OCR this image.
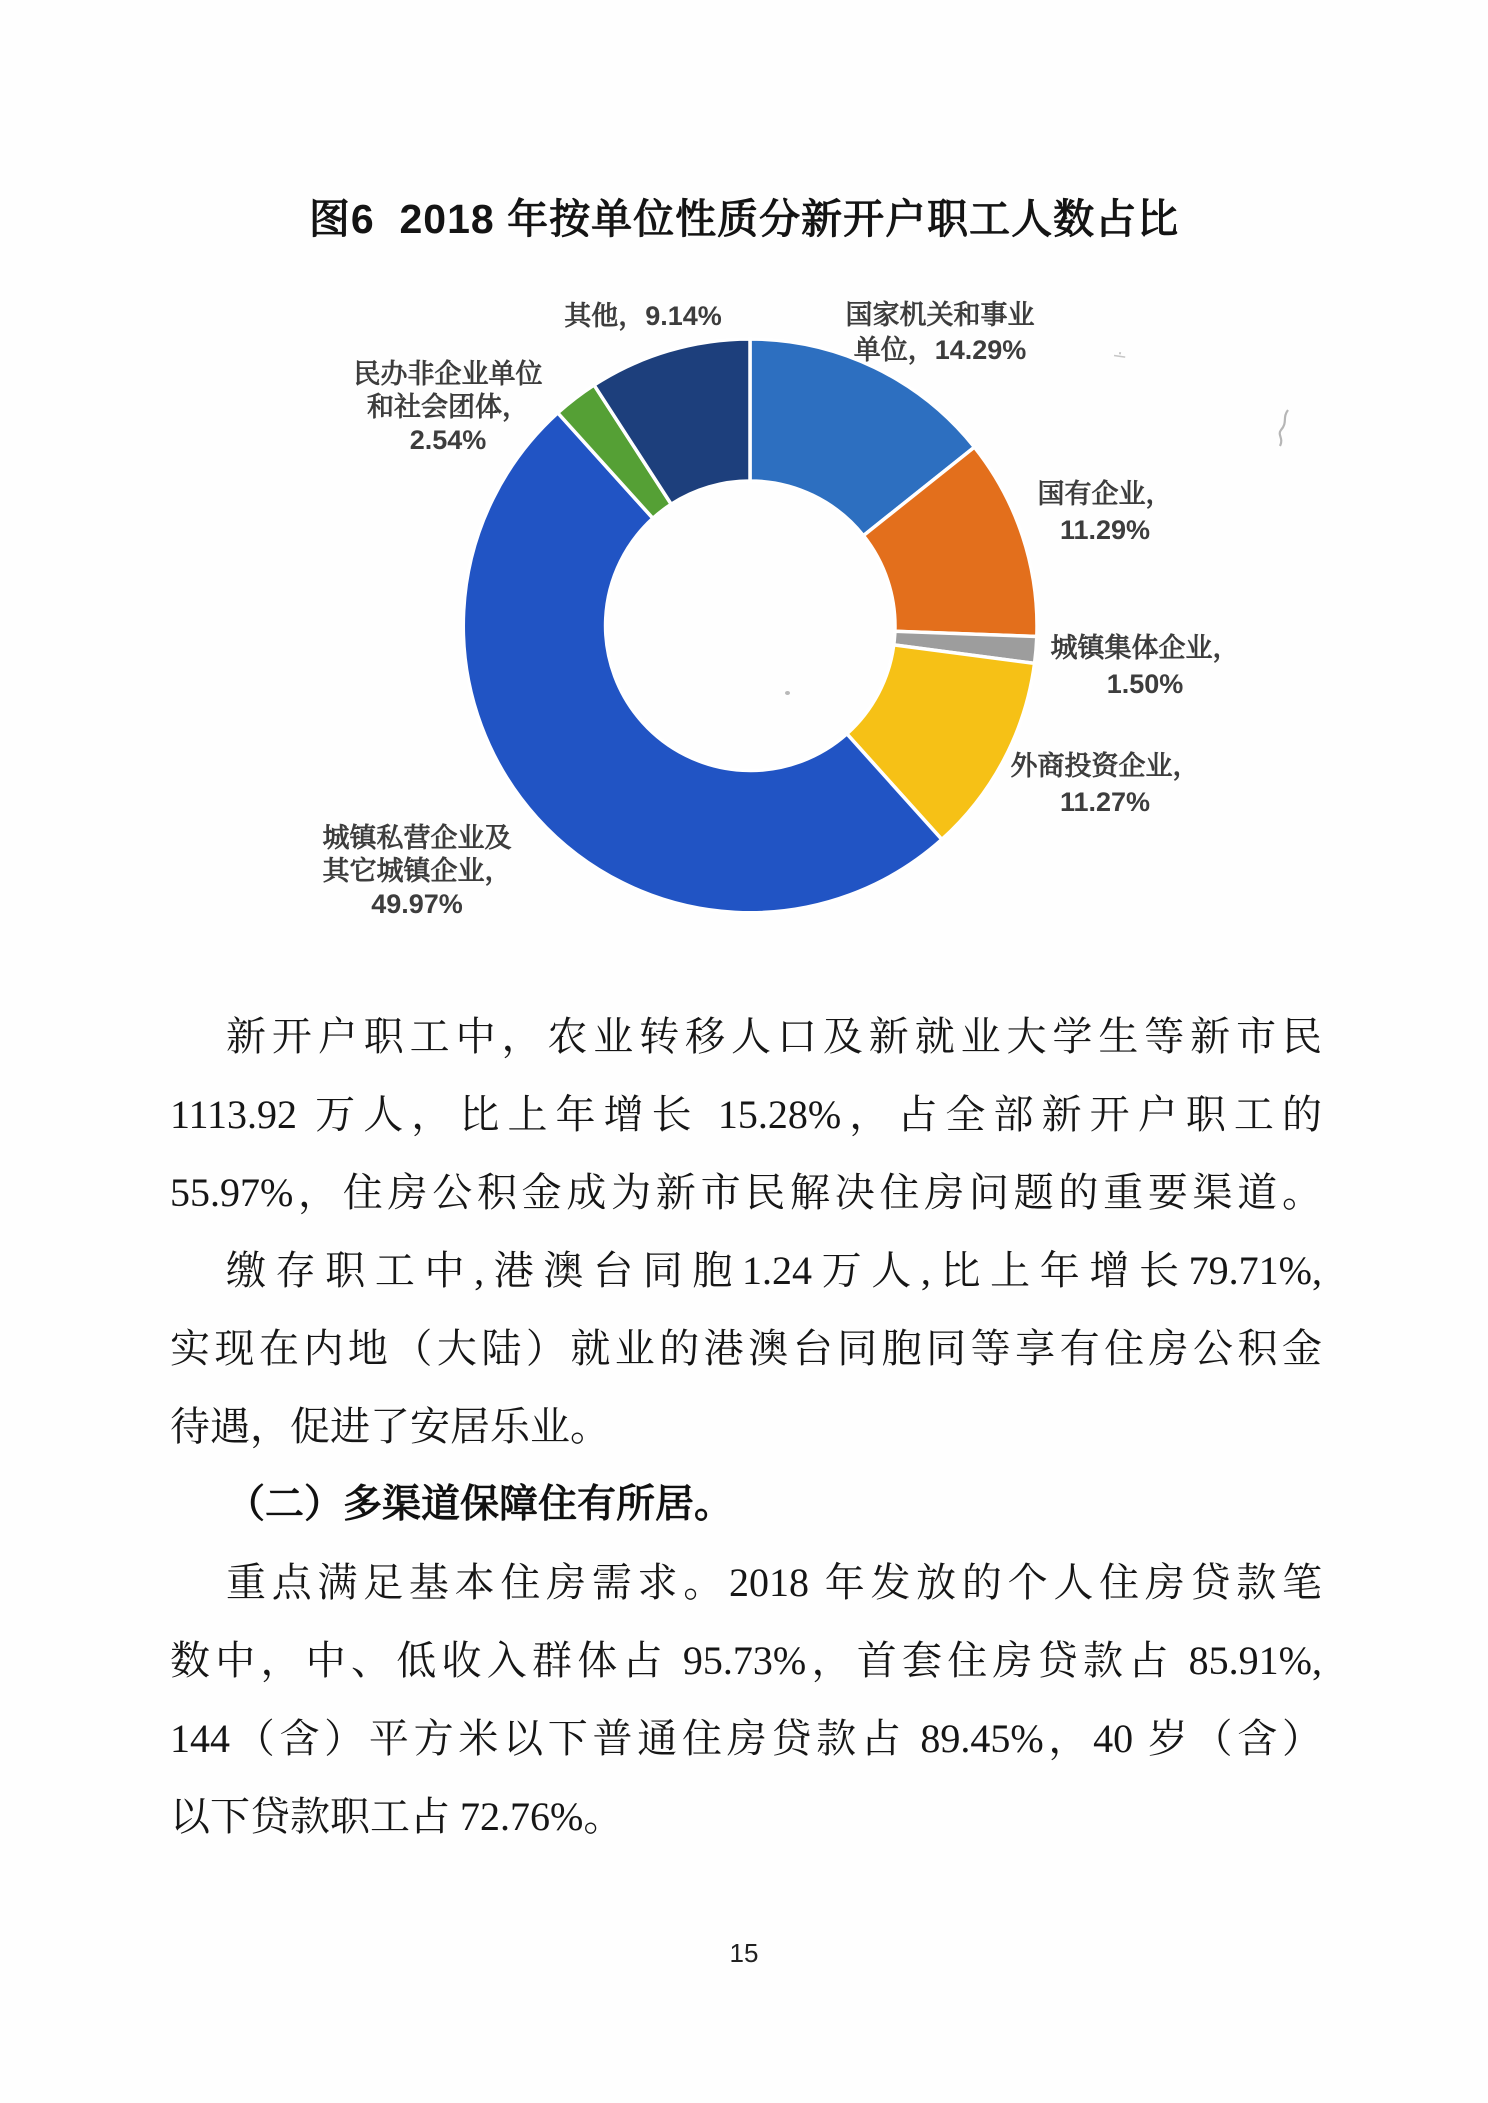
图6  2018 年按单位性质分新开户职工人数占比
国家机关和事业
单位，14.29%
国有企业，
11.29%
城镇集体企业，
1.50%
外商投资企业，
11.27%
城镇私营企业及
其它城镇企业，
49.97%
民办非企业单位
和社会团体，
2.54%
其他，9.14%
∸
新开户职工中，农业转移人口及新就业大学生等新市民
1113.92 万人，比上年增长 15.28%，占全部新开户职工的
55.97%，住房公积金成为新市民解决住房问题的重要渠道。
缴存职工中,港澳台同胞1.24万人,比上年增长79.71%,
实现在内地（大陆）就业的港澳台同胞同等享有住房公积金
待遇，促进了安居乐业。
（二）多渠道保障住有所居。
重点满足基本住房需求。2018 年发放的个人住房贷款笔
数中，中、低收入群体占 95.73%，首套住房贷款占 85.91%,
144（含）平方米以下普通住房贷款占 89.45%，40 岁（含）
以下贷款职工占 72.76%。
15
